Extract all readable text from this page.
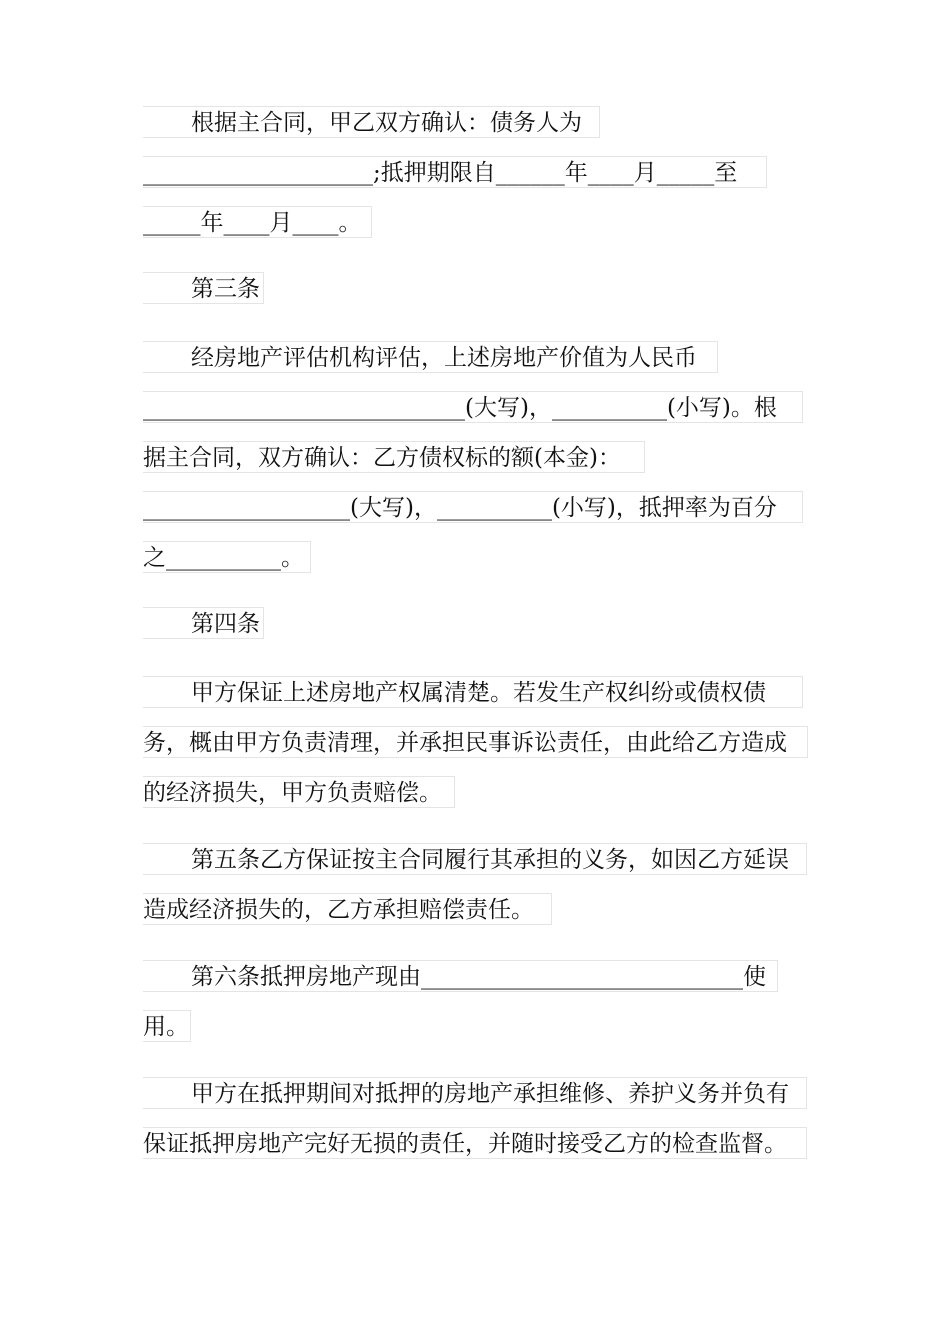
根据主合同，甲乙双方确认：债务人为
____________________;抵押期限自______年____月_____至
_____年____月____。
第三条
经房地产评估机构评估，上述房地产价值为人民币
____________________________(大写)，__________(小写)。根
据主合同，双方确认：乙方债权标的额(本金)：
__________________(大写)，__________(小写)，抵押率为百分
之__________。
第四条
甲方保证上述房地产权属清楚。若发生产权纠纷或债权债
务，概由甲方负责清理，并承担民事诉讼责任，由此给乙方造成
的经济损失，甲方负责赔偿。
第五条乙方保证按主合同履行其承担的义务，如因乙方延误
造成经济损失的，乙方承担赔偿责任。
第六条抵押房地产现由____________________________使
用。
甲方在抵押期间对抵押的房地产承担维修、养护义务并负有
保证抵押房地产完好无损的责任，并随时接受乙方的检查监督。
